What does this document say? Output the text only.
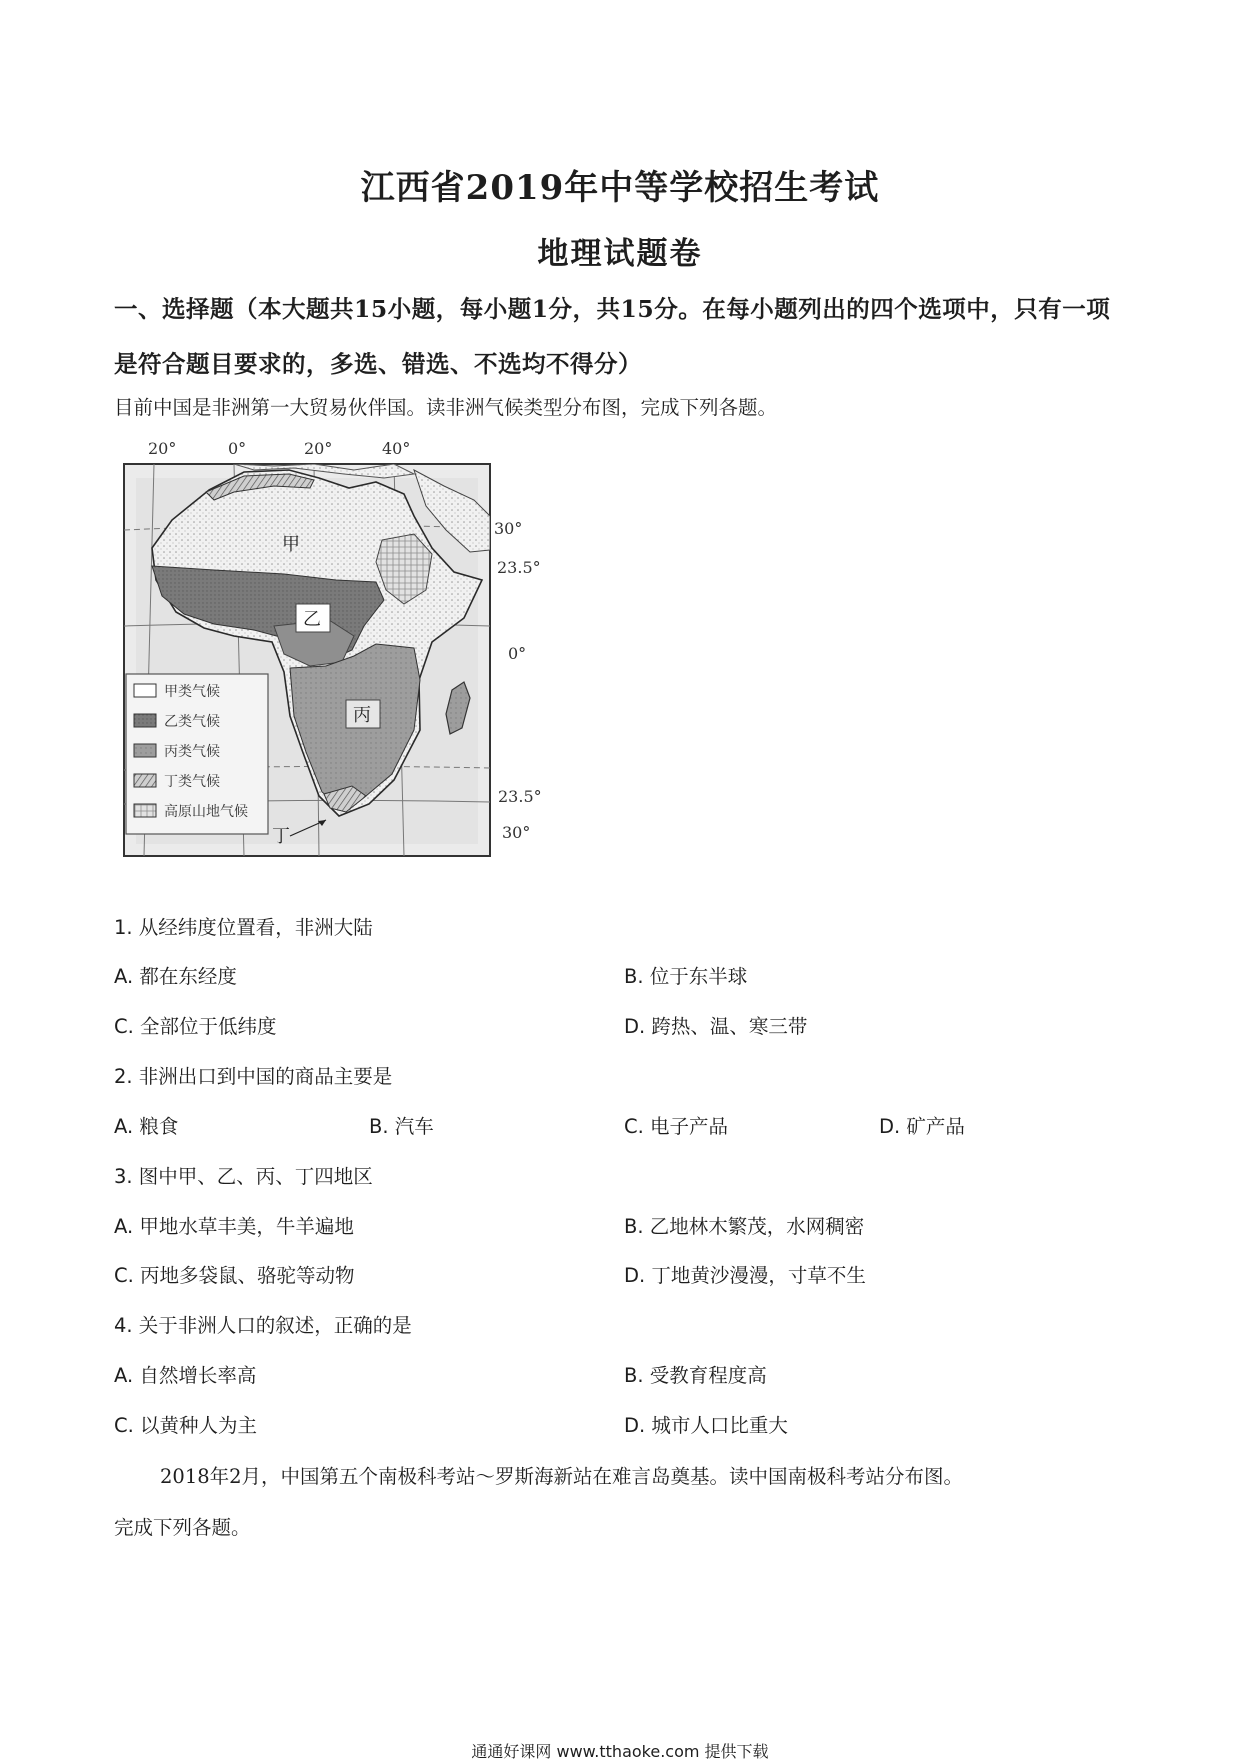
江西省2019年中等学校招生考试
地理试题卷
一、选择题（本大题共15小题，每小题1分，共15分。在每小题列出的四个选项中，只有一项是符合题目要求的，多选、错选、不选均不得分）
目前中国是非洲第一大贸易伙伴国。读非洲气候类型分布图，完成下列各题。
20°	0°	20°	40°
30°
23.5°
0°
23.5°
30°
甲
乙
丙
丁
甲类气候
乙类气候
丙类气候
丁类气候
高原山地气候
1. 从经纬度位置看，非洲大陆
A. 都在东经度	B. 位于东半球
C. 全部位于低纬度	D. 跨热、温、寒三带
2. 非洲出口到中国的商品主要是
A. 粮食	B. 汽车	C. 电子产品	D. 矿产品
3. 图中甲、乙、丙、丁四地区
A. 甲地水草丰美，牛羊遍地	B. 乙地林木繁茂，水网稠密
C. 丙地多袋鼠、骆驼等动物	D. 丁地黄沙漫漫，寸草不生
4. 关于非洲人口的叙述，正确的是
A. 自然增长率高	B. 受教育程度高
C. 以黄种人为主	D. 城市人口比重大
2018年2月，中国第五个南极科考站～罗斯海新站在难言岛奠基。读中国南极科考站分布图。
完成下列各题。
通通好课网 www.tthaoke.com 提供下载
